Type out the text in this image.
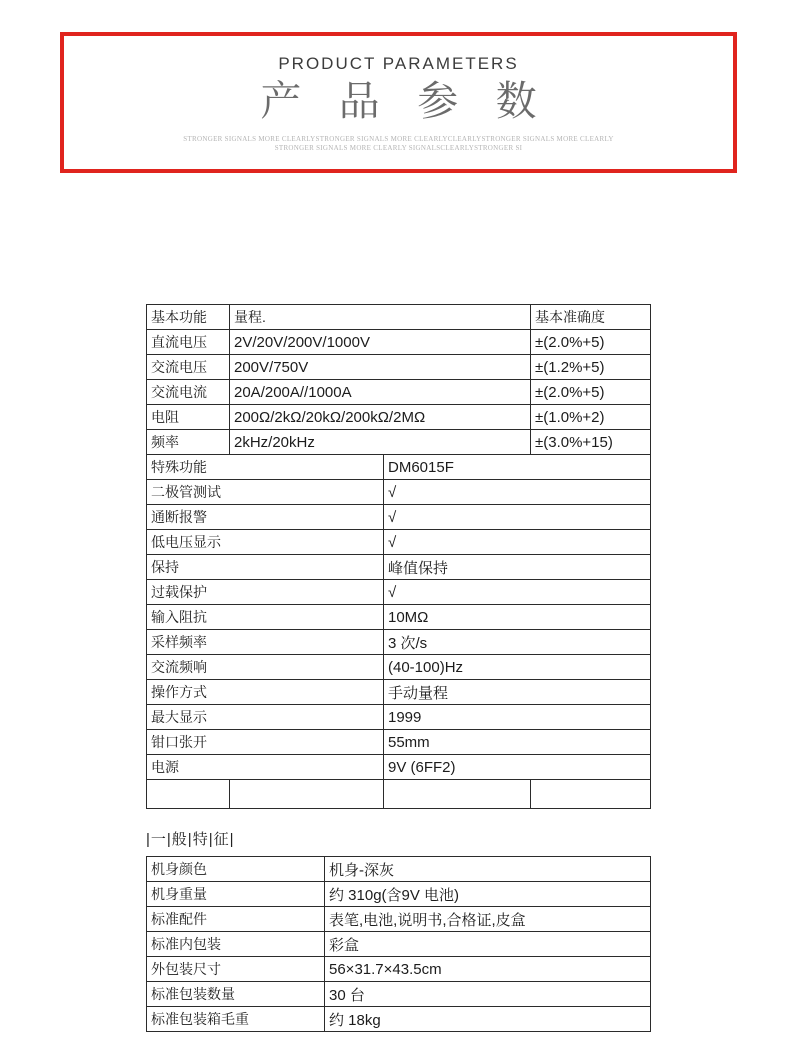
PRODUCT PARAMETERS
产 品 参 数
STRONGER SIGNALS MORE CLEARLYSTRONGER SIGNALS MORE CLEARLYCLEARLYSTRONGER SIGNALS MORE CLEARLY
STRONGER SIGNALS MORE CLEARLY SIGNALSCLEARLYSTRONGER SI
基本功能	量程.	基本准确度
直流电压	2V/20V/200V/1000V	±(2.0%+5)
交流电压	200V/750V	±(1.2%+5)
交流电流	20A/200A//1000A	±(2.0%+5)
电阻	200Ω/2kΩ/20kΩ/200kΩ/2MΩ	±(1.0%+2)
频率	2kHz/20kHz	±(3.0%+15)
特殊功能	DM6015F
二极管测试	√
通断报警	√
低电压显示	√
保持	峰值保持
过载保护	√
输入阻抗	10MΩ
采样频率	3 次/s
交流频响	(40-100)Hz
操作方式	手动量程
最大显示	1999
钳口张开	55mm
电源	9V (6FF2)
|一|般|特|征|
机身颜色	机身-深灰
机身重量	约 310g(含9V 电池)
标准配件	表笔,电池,说明书,合格证,皮盒
标准内包装	彩盒
外包装尺寸	56×31.7×43.5cm
标准包装数量	30 台
标准包装箱毛重	约 18kg
